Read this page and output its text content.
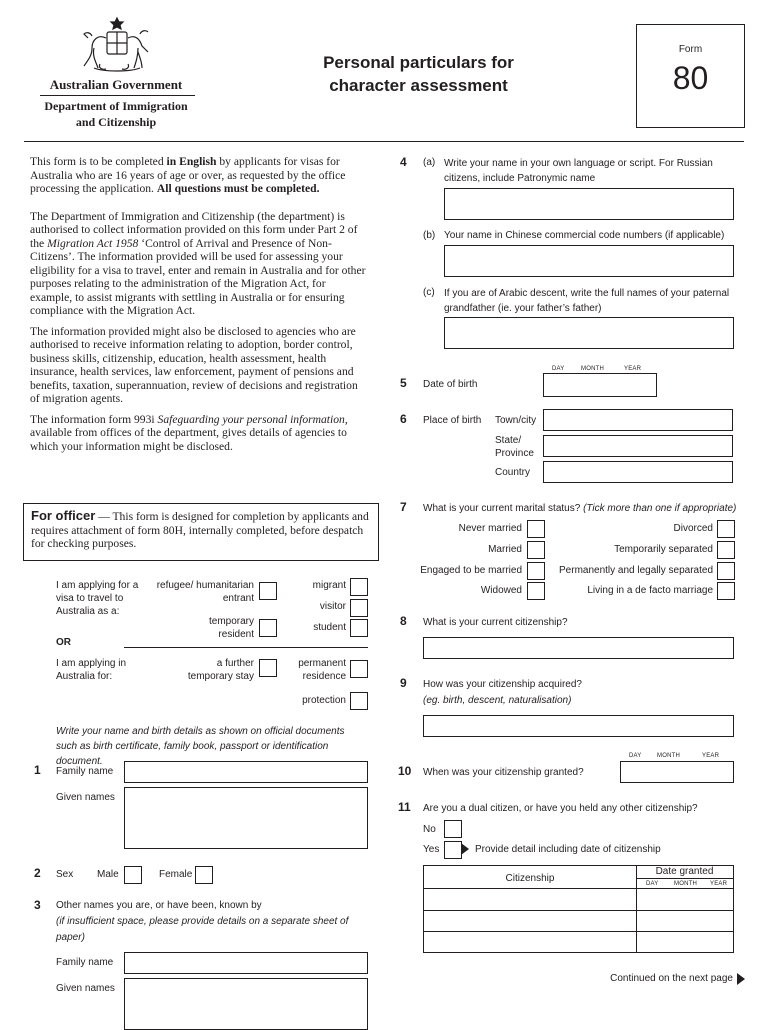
Australian Government
Department of Immigration
and Citizenship
Personal particulars for
character assessment
Form
80

This form is to be completed in English by applicants for visas for Australia who are 16 years of age or over, as requested by the office processing the application. All questions must be completed.

The Department of Immigration and Citizenship (the department) is authorised to collect information provided on this form under Part 2 of the Migration Act 1958 ‘Control of Arrival and Presence of Non-Citizens’. The information provided will be used for assessing your eligibility for a visa to travel, enter and remain in Australia and for other purposes relating to the administration of the Migration Act, for example, to assist migrants with settling in Australia or for ensuring compliance with the Migration Act.

The information provided might also be disclosed to agencies who are authorised to receive information relating to adoption, border control, business skills, citizenship, education, health assessment, health insurance, health services, law enforcement, payment of pensions and benefits, taxation, superannuation, review of decisions and registration of migration agents.

The information form 993i Safeguarding your personal information, available from offices of the department, gives details of agencies to which your information might be disclosed.

For officer — This form is designed for completion by applicants and requires attachment of form 80H, internally completed, before despatch for checking purposes.
I am applying for a visa to travel to Australia as a:
refugee/ humanitarian entrant
migrant
visitor
temporary resident
student
OR
I am applying in Australia for:
a further temporary stay
permanent residence
protection
Write your name and birth details as shown on official documents such as birth certificate, family book, passport or identification document.
1 Family name
Given names
2 Sex Male	Female
3 Other names you are, or have been, known by
(if insufficient space, please provide details on a separate sheet of paper)
Family name
Given names
4 (a) Write your name in your own language or script. For Russian citizens, include Patronymic name
(b) Your name in Chinese commercial code numbers (if applicable)
(c) If you are of Arabic descent, write the full names of your paternal grandfather (ie. your father’s father)
DAY	MONTH	YEAR
5 Date of birth
6 Place of birth Town/city
State/ Province
Country
7 What is your current marital status? (Tick more than one if appropriate)
Never married
Married
Engaged to be married
Widowed
Divorced
Temporarily separated
Permanently and legally separated
Living in a de facto marriage
8 What is your current citizenship?
9 How was your citizenship acquired?
(eg. birth, descent, naturalisation)
DAY	MONTH	YEAR
10 When was your citizenship granted?
11 Are you a dual citizen, or have you held any other citizenship?
No
Yes	Provide detail including date of citizenship
Citizenship
Date granted
DAY	MONTH YEAR
Continued on the next page
